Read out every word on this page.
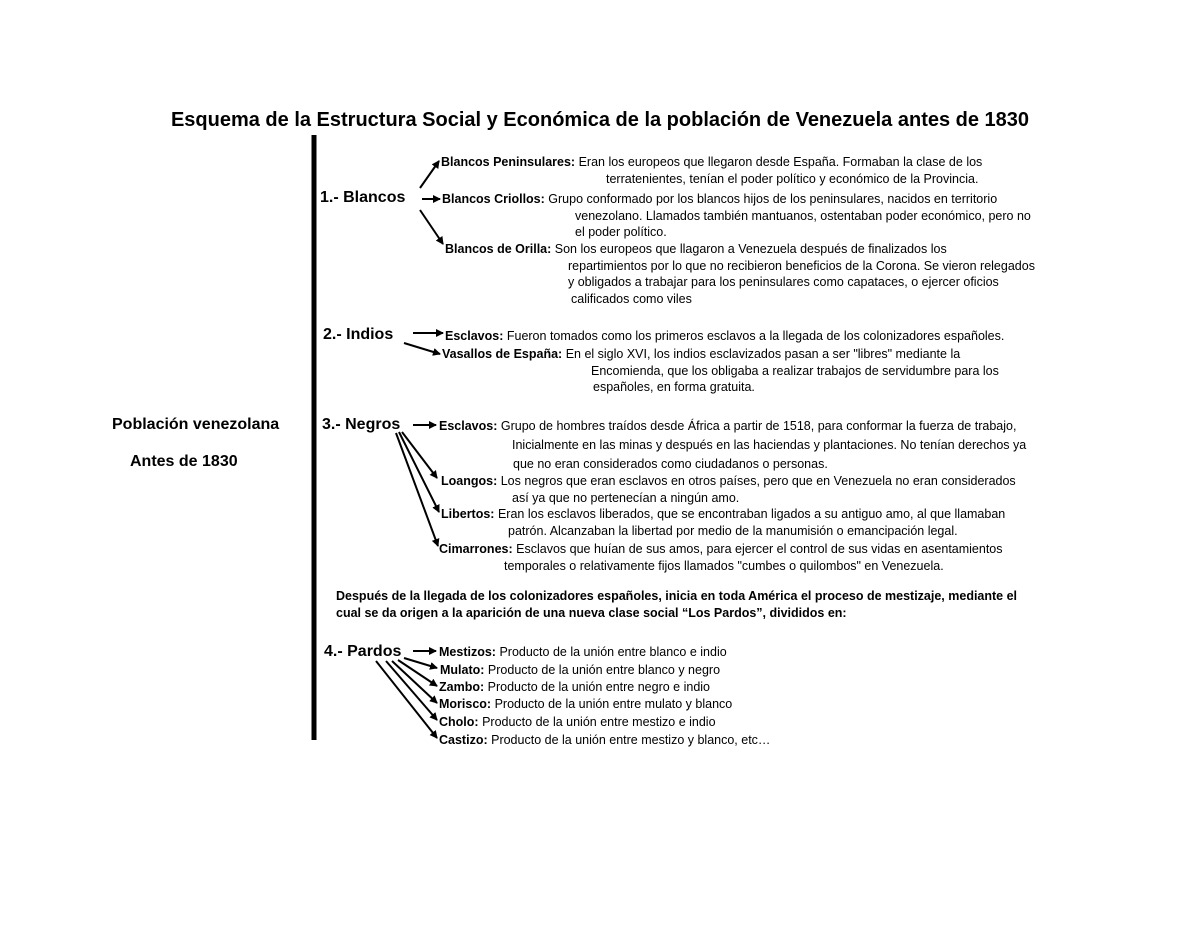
Esquema de la Estructura Social y Económica de la población de Venezuela antes de 1830
Población venezolana
Antes de 1830
1.- Blancos
2.- Indios
3.- Negros
4.- Pardos
Blancos Peninsulares: Eran los europeos que llegaron desde España. Formaban la clase de los
terratenientes, tenían el poder político y económico de la Provincia.
Blancos Criollos: Grupo conformado por los blancos hijos de los peninsulares, nacidos en territorio
venezolano. Llamados también mantuanos, ostentaban poder económico, pero no
el poder político.
Blancos de Orilla: Son los europeos que llagaron a Venezuela después de finalizados los
repartimientos por lo que no recibieron beneficios de la Corona. Se vieron relegados
y obligados a trabajar para los peninsulares como capataces, o ejercer oficios
calificados como viles
Esclavos: Fueron tomados como los primeros esclavos a la llegada de los colonizadores españoles.
Vasallos de España: En el siglo XVI, los indios esclavizados pasan a ser "libres" mediante la
Encomienda, que los obligaba a realizar trabajos de servidumbre para los
españoles, en forma gratuita.
Esclavos: Grupo de hombres traídos desde África a partir de 1518, para conformar la fuerza de trabajo,
Inicialmente en las minas y después en las haciendas y plantaciones. No tenían derechos ya
que no eran considerados como ciudadanos o personas.
Loangos: Los negros que eran esclavos en otros países, pero que en Venezuela no eran considerados
así ya que no pertenecían a ningún amo.
Libertos: Eran los esclavos liberados, que se encontraban ligados a su antiguo amo, al que llamaban
patrón. Alcanzaban la libertad por medio de la manumisión o emancipación legal.
Cimarrones: Esclavos que huían de sus amos, para ejercer el control de sus vidas en asentamientos
temporales o relativamente fijos llamados "cumbes o quilombos" en Venezuela.
Después de la llegada de los colonizadores españoles, inicia en toda América el proceso de mestizaje, mediante el
cual se da origen a la aparición de una nueva clase social “Los Pardos”, divididos en:
Mestizos: Producto de la unión entre blanco e indio
Mulato: Producto de la unión entre blanco y negro
Zambo: Producto de la unión entre negro e indio
Morisco: Producto de la unión entre mulato y blanco
Cholo: Producto de la unión entre mestizo e indio
Castizo: Producto de la unión entre mestizo y blanco, etc…
